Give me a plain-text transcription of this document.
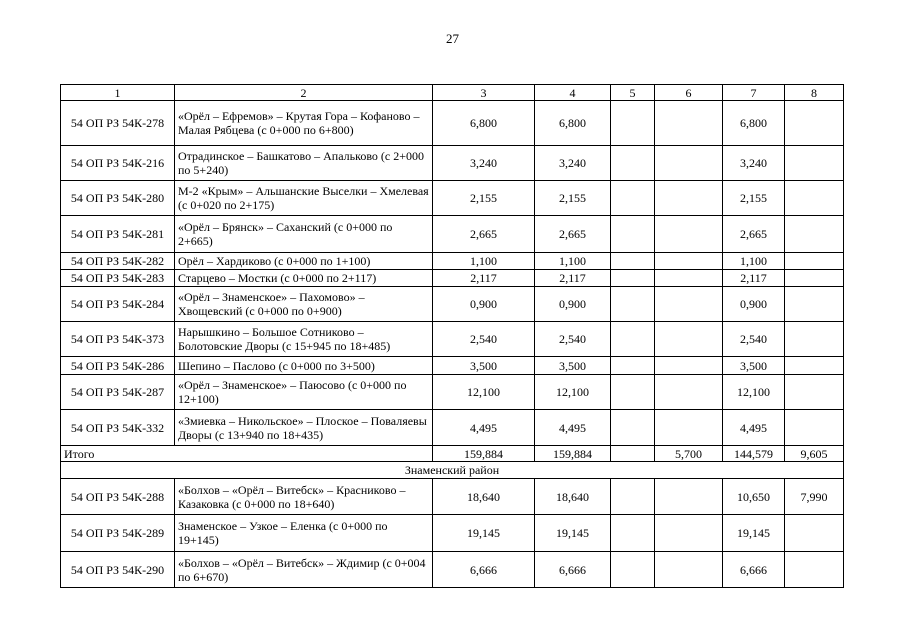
27
1	2	3	4	5	6	7	8
54 ОП РЗ 54К-278	«Орёл – Ефремов» – Крутая Гора – Кофаново – Малая Рябцева (с 0+000 по 6+800)	6,800	6,800			6,800	
54 ОП РЗ 54К-216	Отрадинское – Башкатово – Апальково (с 2+000 по 5+240)	3,240	3,240			3,240	
54 ОП РЗ 54К-280	М-2 «Крым» – Альшанские Выселки – Хмелевая (с 0+020 по 2+175)	2,155	2,155			2,155	
54 ОП РЗ 54К-281	«Орёл – Брянск» – Саханский (с 0+000 по 2+665)	2,665	2,665			2,665	
54 ОП РЗ 54К-282	Орёл – Хардиково (с 0+000 по 1+100)	1,100	1,100			1,100	
54 ОП РЗ 54К-283	Старцево – Мостки (с 0+000 по 2+117)	2,117	2,117			2,117	
54 ОП РЗ 54К-284	«Орёл – Знаменское» – Пахомово» – Хвощевский (с 0+000 по 0+900)	0,900	0,900			0,900	
54 ОП РЗ 54К-373	Нарышкино – Большое Сотниково – Болотовские Дворы (с 15+945 по 18+485)	2,540	2,540			2,540	
54 ОП РЗ 54К-286	Шепино – Паслово (с 0+000 по 3+500)	3,500	3,500			3,500	
54 ОП РЗ 54К-287	«Орёл – Знаменское» – Паюсово (с 0+000 по 12+100)	12,100	12,100			12,100	
54 ОП РЗ 54К-332	«Змиевка – Никольское» – Плоское – Поваляевы Дворы (с 13+940 по 18+435)	4,495	4,495			4,495	
Итого		159,884	159,884		5,700	144,579	9,605
Знаменский район							
54 ОП РЗ 54К-288	«Болхов – «Орёл – Витебск» – Красниково – Казаковка (с 0+000 по 18+640)	18,640	18,640			10,650	7,990
54 ОП РЗ 54К-289	Знаменское – Узкое – Еленка (с 0+000 по 19+145)	19,145	19,145			19,145	
54 ОП РЗ 54К-290	«Болхов – «Орёл – Витебск» – Ждимир (с 0+004 по 6+670)	6,666	6,666			6,666	
